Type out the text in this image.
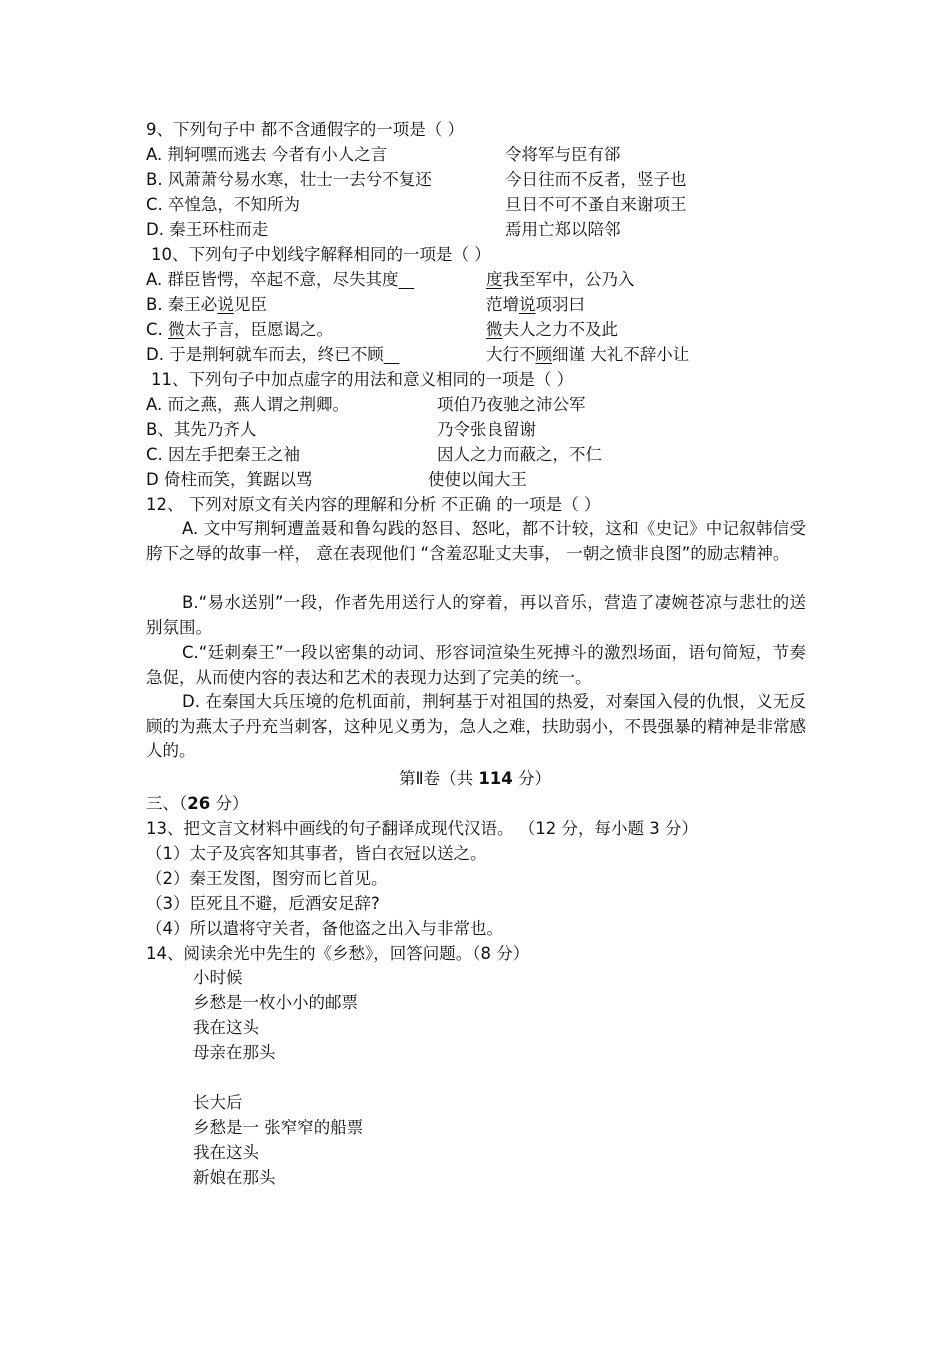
9、下列句子中 都不含通假字的一项是（ ）
A. 荆轲嘿而逃去 今者有小人之言	令将军与臣有郤
B. 风萧萧兮易水寒，壮士一去兮不复还	今日往而不反者，竖子也
C. 卒惶急，不知所为	旦日不可不蚤自来谢项王
D. 秦王环柱而走	焉用亡郑以陪邻
10、下列句子中划线字解释相同的一项是（ ）
A. 群臣皆愕，卒起不意，尽失其度	度我至军中，公乃入
B. 秦王必说见臣	范增说项羽曰
C. 微太子言，臣愿谒之。	微夫人之力不及此
D. 于是荆轲就车而去，终已不顾	大行不顾细谨 大礼不辞小让
11、下列句子中加点虚字的用法和意义相同的一项是（ ）
A. 而之燕，燕人谓之荆卿。	项伯乃夜驰之沛公军
B、其先乃齐人	乃令张良留谢
C. 因左手把秦王之袖	因人之力而蔽之，不仁
D 倚柱而笑，箕踞以骂	使使以闻大王
12、 下列对原文有关内容的理解和分析 不正确 的一项是（ ）
A. 文中写荆轲遭盖聂和鲁勾践的怒目、怒叱，都不计较，这和《史记》中记叙韩信受胯下之辱的故事一样， 意在表现他们 “含羞忍耻丈夫事， 一朝之愤非良图”的励志精神。
B.“易水送别”一段，作者先用送行人的穿着，再以音乐，营造了凄婉苍凉与悲壮的送别氛围。
C.“廷刺秦王”一段以密集的动词、形容词渲染生死搏斗的激烈场面，语句简短，节奏急促，从而使内容的表达和艺术的表现力达到了完美的统一。
D. 在秦国大兵压境的危机面前，荆轲基于对祖国的热爱，对秦国入侵的仇恨，义无反顾的为燕太子丹充当刺客，这种见义勇为，急人之难，扶助弱小，不畏强暴的精神是非常感人的。
第Ⅱ卷（共 114 分）
三、（26 分）
13、把文言文材料中画线的句子翻译成现代汉语。 （12 分，每小题 3 分）
（1）太子及宾客知其事者，皆白衣冠以送之。
（2）秦王发图，图穷而匕首见。
（3）臣死且不避，卮酒安足辞?
（4）所以遣将守关者，备他盗之出入与非常也。
14、阅读余光中先生的《乡愁》，回答问题。（8 分）
小时候
乡愁是一枚小小的邮票
我在这头
母亲在那头
长大后
乡愁是一 张窄窄的船票
我在这头
新娘在那头
